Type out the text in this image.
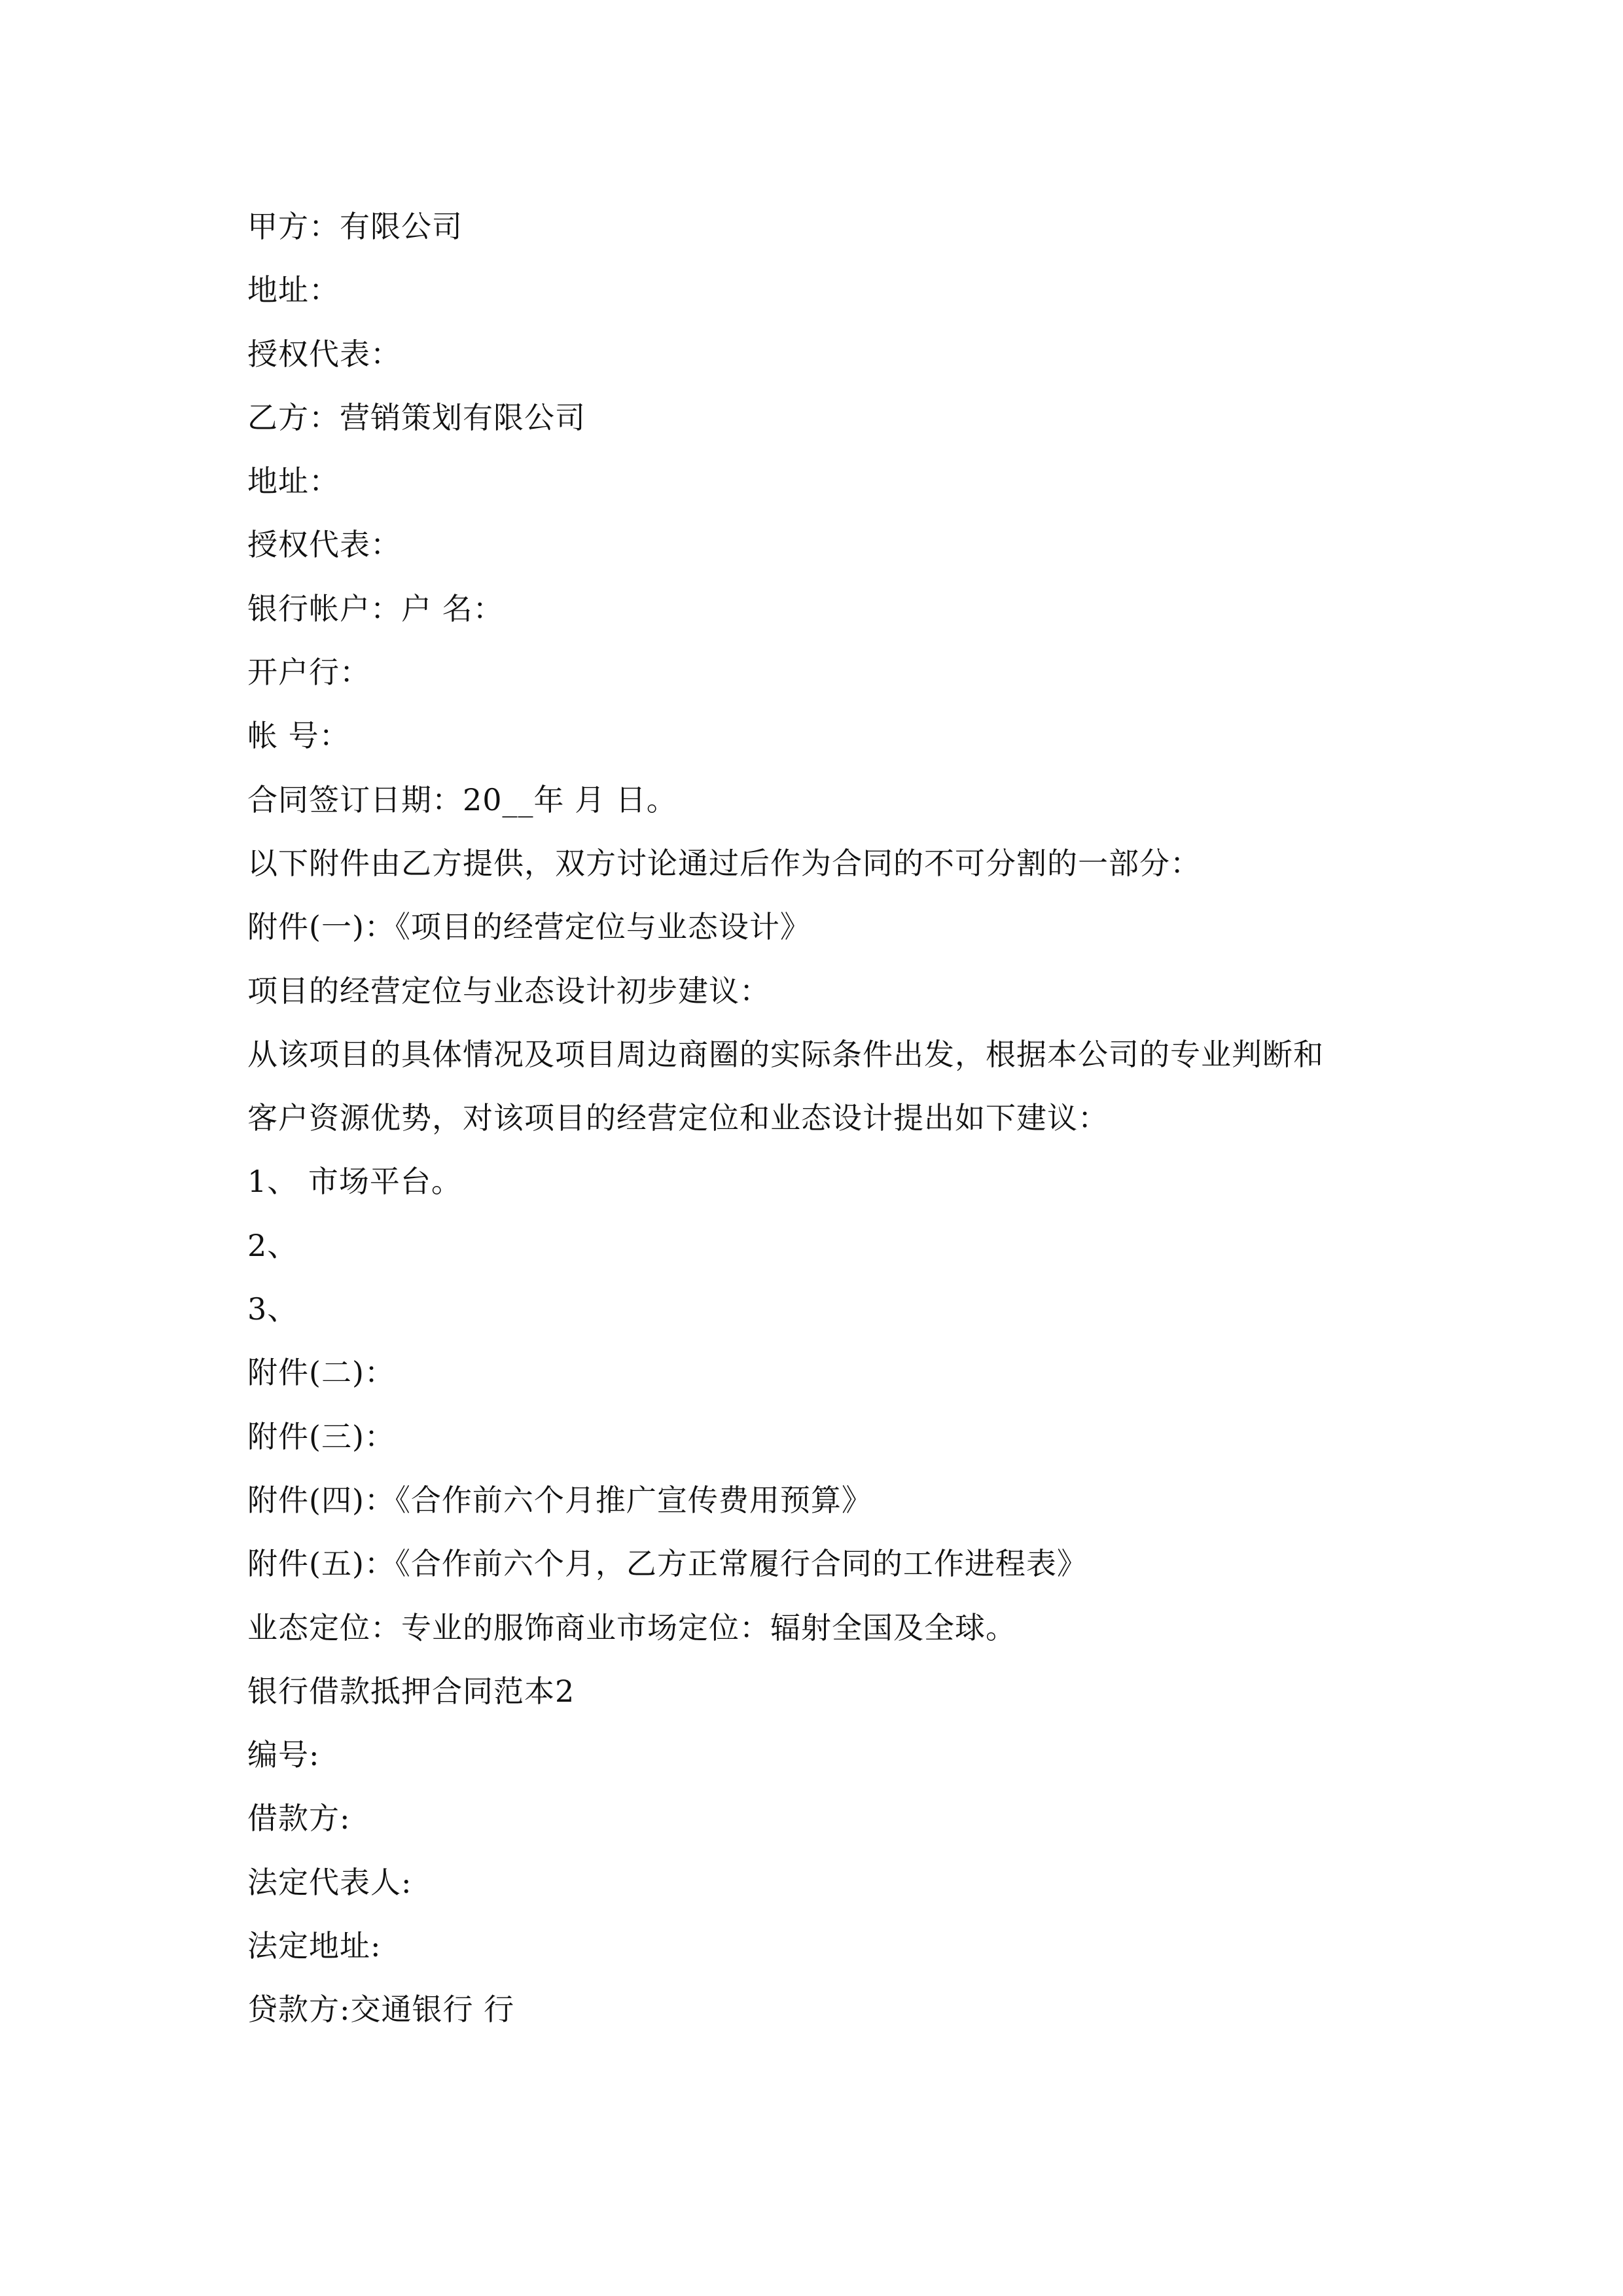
甲方：有限公司
地址：
授权代表：
乙方：营销策划有限公司
地址：
授权代表：
银行帐户：户 名：
开户行：
帐 号：
合同签订日期：20__年 月 日。
以下附件由乙方提供，双方讨论通过后作为合同的不可分割的一部分：
附件(一)：《项目的经营定位与业态设计》
项目的经营定位与业态设计初步建议：
从该项目的具体情况及项目周边商圈的实际条件出发，根据本公司的专业判断和
客户资源优势，对该项目的经营定位和业态设计提出如下建议：
1、 市场平台。
2、
3、
附件(二)：
附件(三)：
附件(四)：《合作前六个月推广宣传费用预算》
附件(五)：《合作前六个月，乙方正常履行合同的工作进程表》
业态定位：专业的服饰商业市场定位：辐射全国及全球。
银行借款抵押合同范本2
编号:
借款方:
法定代表人:
法定地址:
贷款方:交通银行 行
